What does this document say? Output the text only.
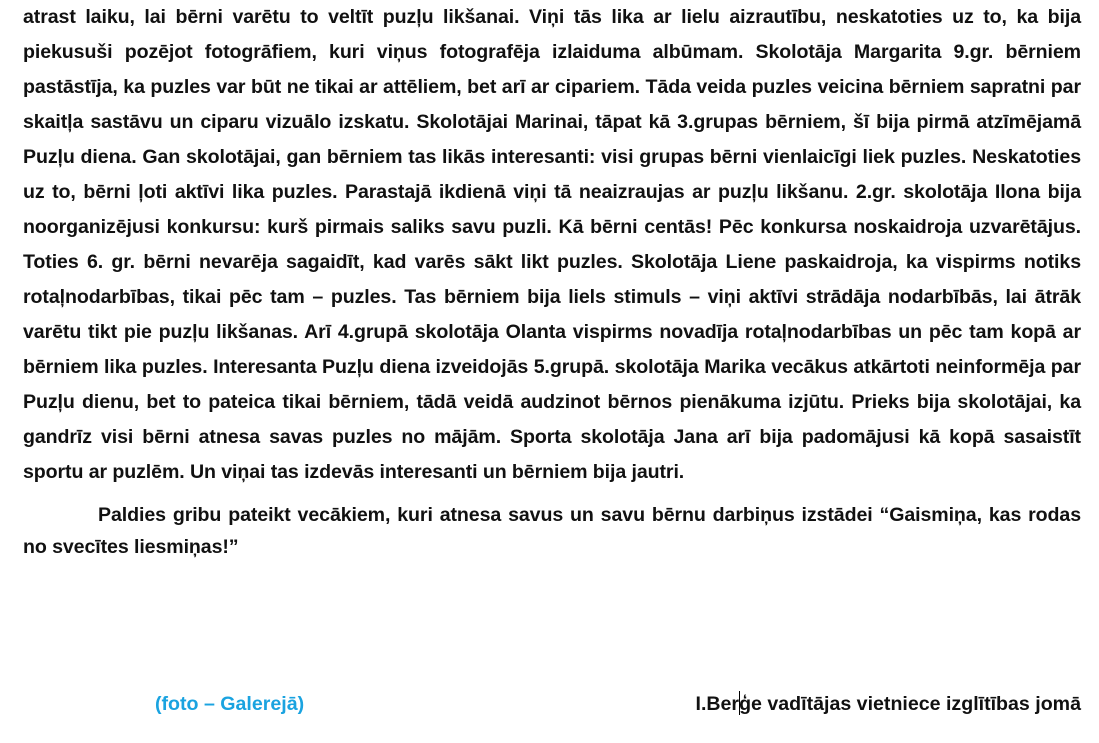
atrast laiku, lai bērni varētu to veltīt puzļu likšanai. Viņi tās lika ar lielu aizrautību, neskatoties uz to, ka bija piekusuši pozējot fotogrāfiem, kuri viņus fotografēja izlaiduma albūmam. Skolotāja Margarita 9.gr. bērniem pastāstīja, ka puzles var būt ne tikai ar attēliem, bet arī ar cipariem. Tāda veida puzles veicina bērniem sapratni par skaitļa sastāvu un ciparu vizuālo izskatu. Skolotājai Marinai, tāpat kā 3.grupas bērniem, šī bija pirmā atzīmējamā Puzļu diena. Gan skolotājai, gan bērniem tas likās interesanti: visi grupas bērni vienlaicīgi liek puzles. Neskatoties uz to, bērni ļoti aktīvi lika puzles. Parastajā ikdienā viņi tā neaizraujas ar puzļu likšanu. 2.gr. skolotāja Ilona bija noorganizējusi konkursu: kurš pirmais saliks savu puzli. Kā bērni centās! Pēc konkursa noskaidroja uzvarētājus. Toties 6. gr. bērni nevarēja sagaidīt, kad varēs sākt likt puzles. Skolotāja Liene paskaidroja, ka vispirms notiks rotaļnodarbības, tikai pēc tam – puzles. Tas bērniem bija liels stimuls – viņi aktīvi strādāja nodarbībās, lai ātrāk varētu tikt pie puzļu likšanas. Arī 4.grupā skolotāja Olanta vispirms novadīja rotaļnodarbības un pēc tam kopā ar bērniem lika puzles. Interesanta Puzļu diena izveidojās 5.grupā. skolotāja Marika vecākus atkārtoti neinformēja par Puzļu dienu, bet to pateica tikai bērniem, tādā veidā audzinot bērnos pienākuma izjūtu. Prieks bija skolotājai, ka gandrīz visi bērni atnesa savas puzles no mājām. Sporta skolotāja Jana arī bija padomājusi kā kopā sasaistīt sportu ar puzlēm. Un viņai tas izdevās interesanti un bērniem bija jautri.

Paldies gribu pateikt vecākiem, kuri atnesa savus un savu bērnu darbiņus izstādei “Gaismiņa, kas rodas no svecītes liesmiņas!”

(foto – Galerejā)	I.Berģe vadītājas vietniece izglītības jomā
